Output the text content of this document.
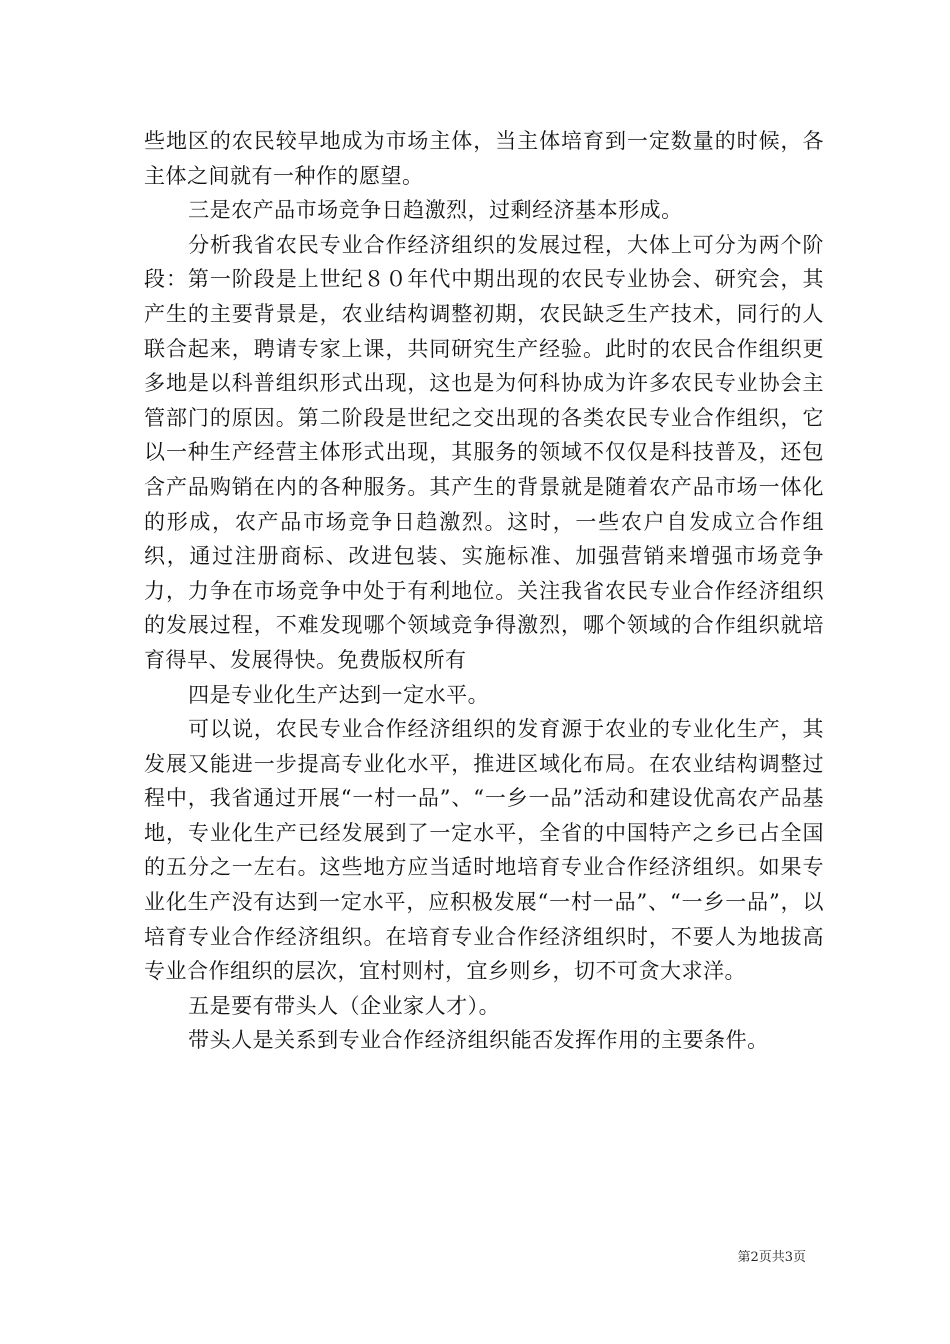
些地区的农民较早地成为市场主体，当主体培育到一定数量的时候，各主体之间就有一种作的愿望。

三是农产品市场竞争日趋激烈，过剩经济基本形成。

分析我省农民专业合作经济组织的发展过程，大体上可分为两个阶段：第一阶段是上世纪８０年代中期出现的农民专业协会、研究会，其产生的主要背景是，农业结构调整初期，农民缺乏生产技术，同行的人联合起来，聘请专家上课，共同研究生产经验。此时的农民合作组织更多地是以科普组织形式出现，这也是为何科协成为许多农民专业协会主管部门的原因。第二阶段是世纪之交出现的各类农民专业合作组织，它以一种生产经营主体形式出现，其服务的领域不仅仅是科技普及，还包含产品购销在内的各种服务。其产生的背景就是随着农产品市场一体化的形成，农产品市场竞争日趋激烈。这时，一些农户自发成立合作组织，通过注册商标、改进包装、实施标准、加强营销来增强市场竞争力，力争在市场竞争中处于有利地位。关注我省农民专业合作经济组织的发展过程，不难发现哪个领域竞争得激烈，哪个领域的合作组织就培育得早、发展得快。免费版权所有

四是专业化生产达到一定水平。

可以说，农民专业合作经济组织的发育源于农业的专业化生产，其发展又能进一步提高专业化水平，推进区域化布局。在农业结构调整过程中，我省通过开展“一村一品”、“一乡一品”活动和建设优高农产品基地，专业化生产已经发展到了一定水平，全省的中国特产之乡已占全国的五分之一左右。这些地方应当适时地培育专业合作经济组织。如果专业化生产没有达到一定水平，应积极发展“一村一品”、“一乡一品”，以培育专业合作经济组织。在培育专业合作经济组织时，不要人为地拔高专业合作组织的层次，宜村则村，宜乡则乡，切不可贪大求洋。

五是要有带头人（企业家人才）。

带头人是关系到专业合作经济组织能否发挥作用的主要条件。

第2页共3页
